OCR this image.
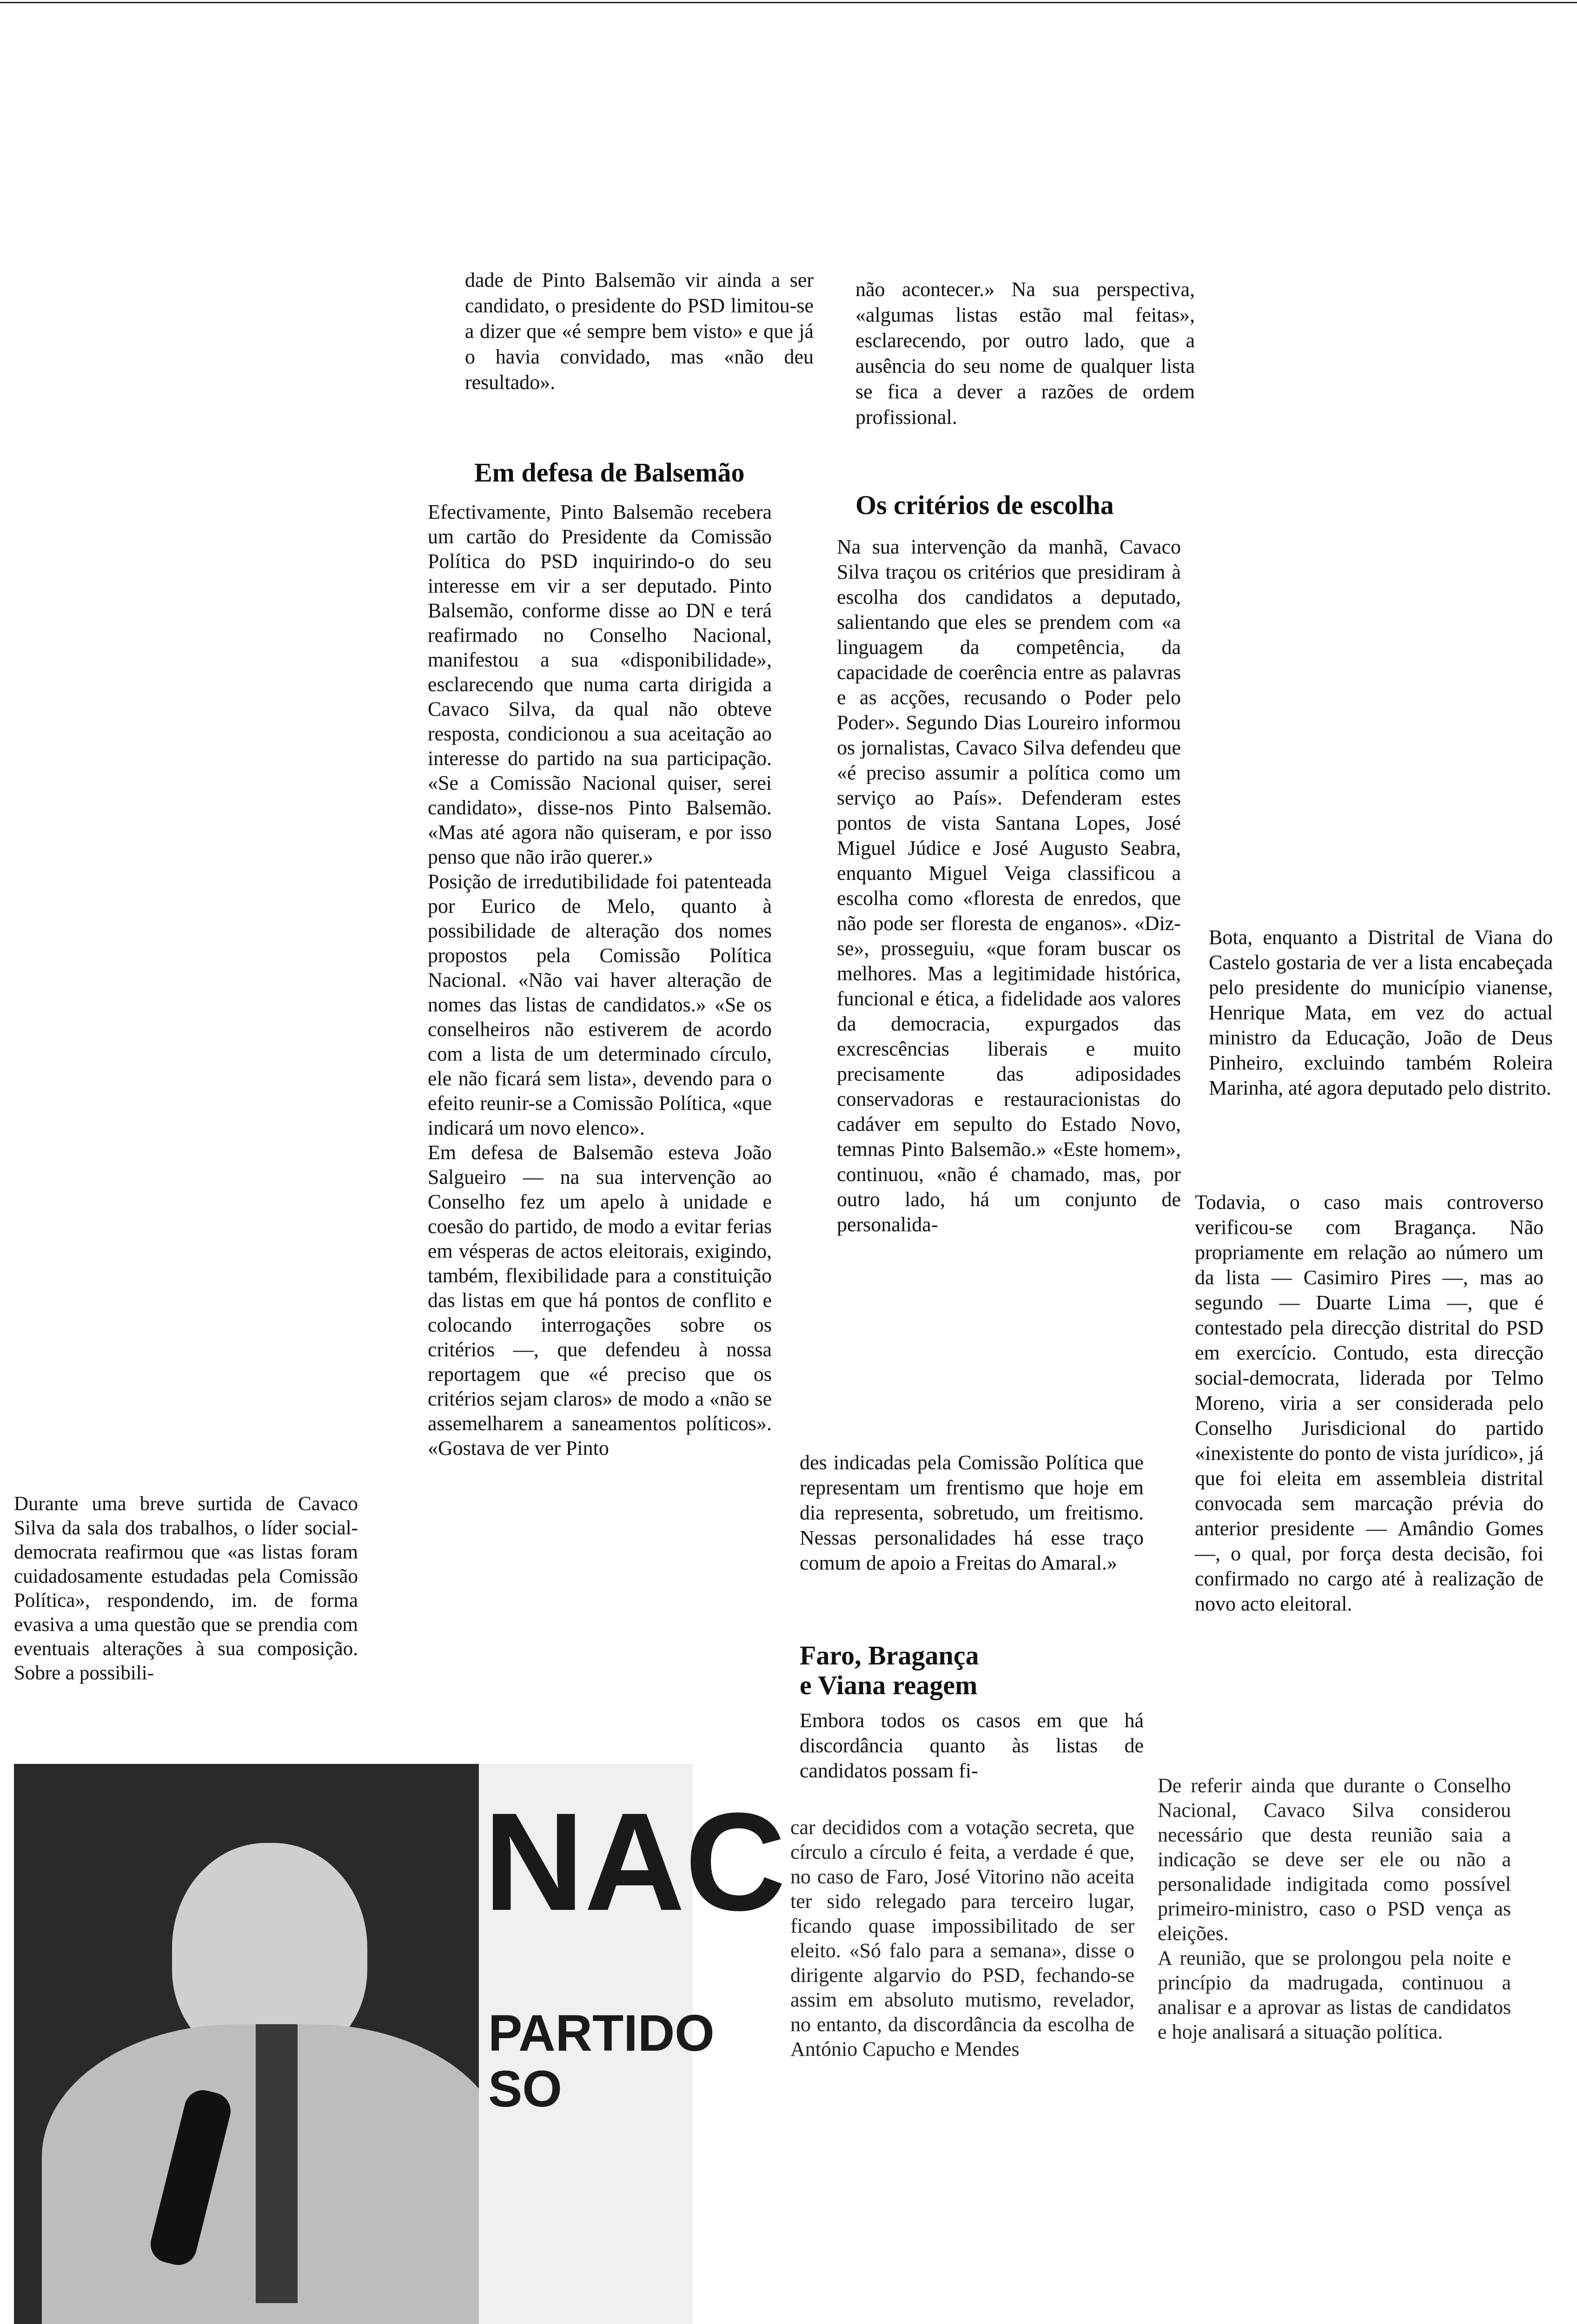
Durante uma breve surtida de Cavaco Silva da sala dos trabalhos, o líder social-democrata reafirmou que «as listas foram cuidadosamente estudadas pela Comissão Política», respondendo, im. de forma evasiva a uma questão que se prendia com eventuais alterações à sua composição. Sobre a possibili-
dade de Pinto Balsemão vir ainda a ser candidato, o presidente do PSD limitou-se a dizer que «é sempre bem visto» e que já o havia convidado, mas «não deu resultado».
Em defesa de Balsemão
Efectivamente, Pinto Balsemão recebera um cartão do Presidente da Comissão Política do PSD inquirindo-o do seu interesse em vir a ser deputado. Pinto Balsemão, conforme disse ao DN e terá reafirmado no Conselho Nacional, manifestou a sua «disponibilidade», esclarecendo que numa carta dirigida a Cavaco Silva, da qual não obteve resposta, condicionou a sua aceitação ao interesse do partido na sua participação. «Se a Comissão Nacional quiser, serei candidato», disse-nos Pinto Balsemão. «Mas até agora não quiseram, e por isso penso que não irão querer.»
Posição de irredutibilidade foi patenteada por Eurico de Melo, quanto à possibilidade de alteração dos nomes propostos pela Comissão Política Nacional. «Não vai haver alteração de nomes das listas de candidatos.» «Se os conselheiros não estiverem de acordo com a lista de um determinado círculo, ele não ficará sem lista», devendo para o efeito reunir-se a Comissão Política, «que indicará um novo elenco».
Em defesa de Balsemão esteva João Salgueiro — na sua intervenção ao Conselho fez um apelo à unidade e coesão do partido, de modo a evitar ferias em vésperas de actos eleitorais, exigindo, também, flexibilidade para a constituição das listas em que há pontos de conflito e colocando interrogações sobre os critérios —, que defendeu à nossa reportagem que «é preciso que os critérios sejam claros» de modo a «não se assemelharem a saneamentos políticos». «Gostava de ver Pinto
NAC
PARTIDO SO
não acontecer.» Na sua perspectiva, «algumas listas estão mal feitas», esclarecendo, por outro lado, que a ausência do seu nome de qualquer lista se fica a dever a razões de ordem profissional.
Os critérios de escolha
Na sua intervenção da manhã, Cavaco Silva traçou os critérios que presidiram à escolha dos candidatos a deputado, salientando que eles se prendem com «a linguagem da competência, da capacidade de coerência entre as palavras e as acções, recusando o Poder pelo Poder». Segundo Dias Loureiro informou os jornalistas, Cavaco Silva defendeu que «é preciso assumir a política como um serviço ao País». Defenderam estes pontos de vista Santana Lopes, José Miguel Júdice e José Augusto Seabra, enquanto Miguel Veiga classificou a escolha como «floresta de enredos, que não pode ser floresta de enganos». «Diz-se», prosseguiu, «que foram buscar os melhores. Mas a legitimidade histórica, funcional e ética, a fidelidade aos valores da democracia, expurgados das excrescências liberais e muito precisamente das adiposidades conservadoras e restauracionistas do cadáver em sepulto do Estado Novo, temnas Pinto Balsemão.» «Este homem», continuou, «não é chamado, mas, por outro lado, há um conjunto de personalida-
des indicadas pela Comissão Política que representam um frentismo que hoje em dia representa, sobretudo, um freitismo. Nessas personalidades há esse traço comum de apoio a Freitas do Amaral.»
Faro, Bragança
e Viana reagem
Embora todos os casos em que há discordância quanto às listas de candidatos possam fi-
car decididos com a votação secreta, que círculo a círculo é feita, a verdade é que, no caso de Faro, José Vitorino não aceita ter sido relegado para terceiro lugar, ficando quase impossibilitado de ser eleito. «Só falo para a semana», disse o dirigente algarvio do PSD, fechando-se assim em absoluto mutismo, revelador, no entanto, da discordância da escolha de António Capucho e Mendes
Bota, enquanto a Distrital de Viana do Castelo gostaria de ver a lista encabeçada pelo presidente do município vianense, Henrique Mata, em vez do actual ministro da Educação, João de Deus Pinheiro, excluindo também Roleira Marinha, até agora deputado pelo distrito.
Todavia, o caso mais controverso verificou-se com Bragança. Não propriamente em relação ao número um da lista — Casimiro Pires —, mas ao segundo — Duarte Lima —, que é contestado pela direcção distrital do PSD em exercício. Contudo, esta direcção social-democrata, liderada por Telmo Moreno, viria a ser considerada pelo Conselho Jurisdicional do partido «inexistente do ponto de vista jurídico», já que foi eleita em assembleia distrital convocada sem marcação prévia do anterior presidente — Amândio Gomes —, o qual, por força desta decisão, foi confirmado no cargo até à realização de novo acto eleitoral.
De referir ainda que durante o Conselho Nacional, Cavaco Silva considerou necessário que desta reunião saia a indicação se deve ser ele ou não a personalidade indigitada como possível primeiro-ministro, caso o PSD vença as eleições.
A reunião, que se prolongou pela noite e princípio da madrugada, continuou a analisar e a aprovar as listas de candidatos e hoje analisará a situação política.
